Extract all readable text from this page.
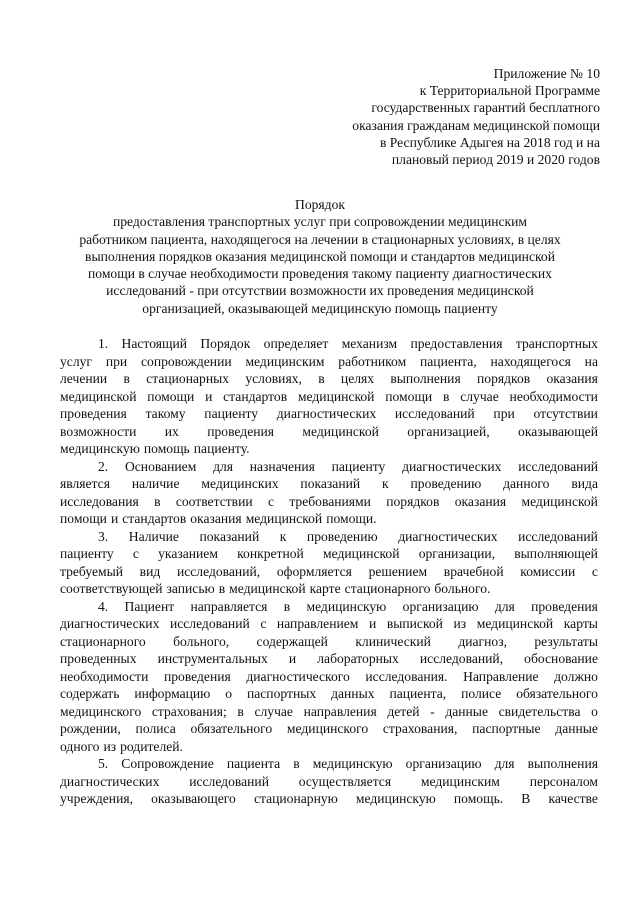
Приложение № 10
к Территориальной Программе
государственных гарантий бесплатного
оказания гражданам медицинской помощи
в Республике Адыгея на 2018 год и на
плановый период 2019 и 2020 годов
Порядок
предоставления транспортных услуг при сопровождении медицинским
работником пациента, находящегося на лечении в стационарных условиях, в целях
выполнения порядков оказания медицинской помощи и стандартов медицинской
помощи в случае необходимости проведения такому пациенту диагностических
исследований - при отсутствии возможности их проведения медицинской
организацией, оказывающей медицинскую помощь пациенту
1. Настоящий Порядок определяет механизм предоставления транспортных
услуг при сопровождении медицинским работником пациента, находящегося на
лечении в стационарных условиях, в целях выполнения порядков оказания
медицинской помощи и стандартов медицинской помощи в случае необходимости
проведения такому пациенту диагностических исследований при отсутствии
возможности их проведения медицинской организацией, оказывающей
медицинскую помощь пациенту.
2. Основанием для назначения пациенту диагностических исследований
является наличие медицинских показаний к проведению данного вида
исследования в соответствии с требованиями порядков оказания медицинской
помощи и стандартов оказания медицинской помощи.
3. Наличие показаний к проведению диагностических исследований
пациенту с указанием конкретной медицинской организации, выполняющей
требуемый вид исследований, оформляется решением врачебной комиссии с
соответствующей записью в медицинской карте стационарного больного.
4. Пациент направляется в медицинскую организацию для проведения
диагностических исследований с направлением и выпиской из медицинской карты
стационарного больного, содержащей клинический диагноз, результаты
проведенных инструментальных и лабораторных исследований, обоснование
необходимости проведения диагностического исследования. Направление должно
содержать информацию о паспортных данных пациента, полисе обязательного
медицинского страхования; в случае направления детей - данные свидетельства о
рождении, полиса обязательного медицинского страхования, паспортные данные
одного из родителей.
5. Сопровождение пациента в медицинскую организацию для выполнения
диагностических исследований осуществляется медицинским персоналом
учреждения, оказывающего стационарную медицинскую помощь. В качестве
